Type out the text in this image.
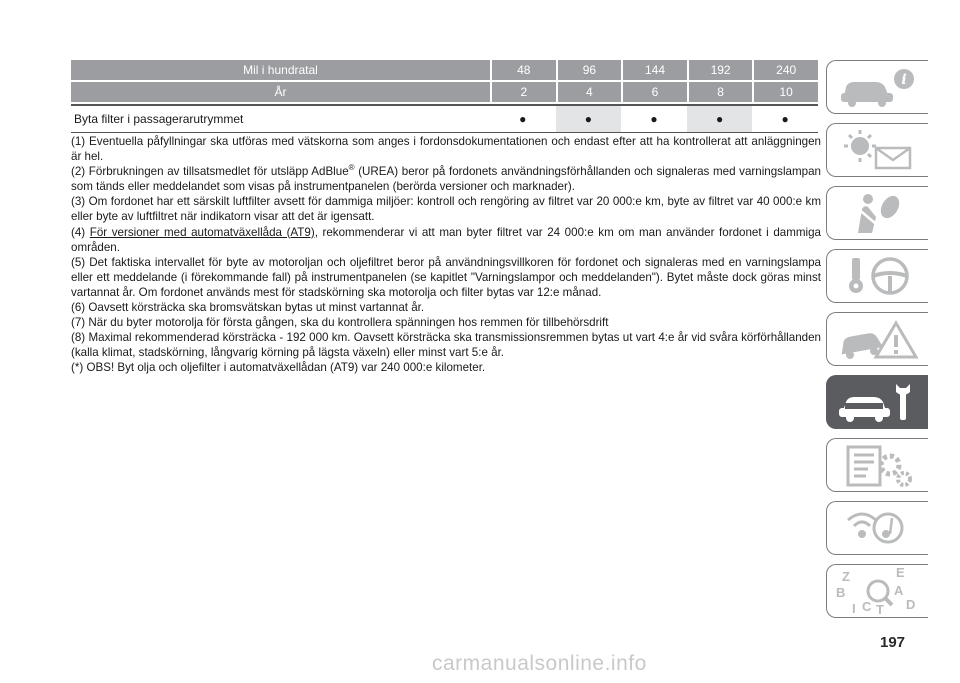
Mil i hundratal	48	96	144	192	240
År	2	4	6	8	10
Byta filter i passagerarutrymmet	●	●	●	●	●

(1) Eventuella påfyllningar ska utföras med vätskorna som anges i fordonsdokumentationen och endast efter att ha kontrollerat att anläggningen är hel.

(2) Förbrukningen av tillsatsmedlet för utsläpp AdBlue® (UREA) beror på fordonets användningsförhållanden och signaleras med varningslampan som tänds eller meddelandet som visas på instrumentpanelen (berörda versioner och marknader).

(3) Om fordonet har ett särskilt luftfilter avsett för dammiga miljöer: kontroll och rengöring av filtret var 20 000:e km, byte av filtret var 40 000:e km eller byte av luftfiltret när indikatorn visar att det är igensatt.

(4) För versioner med automatväxellåda (AT9), rekommenderar vi att man byter filtret var 24 000:e km om man använder fordonet i dammiga områden.

(5) Det faktiska intervallet för byte av motoroljan och oljefiltret beror på användningsvillkoren för fordonet och signaleras med en varningslampa eller ett meddelande (i förekommande fall) på instrumentpanelen (se kapitlet "Varningslampor och meddelanden"). Bytet måste dock göras minst vartannat år. Om fordonet används mest för stadskörning ska motorolja och filter bytas var 12:e månad.

(6) Oavsett körsträcka ska bromsvätskan bytas ut minst vartannat år.

(7) När du byter motorolja för första gången, ska du kontrollera spänningen hos remmen för tillbehörsdrift

(8) Maximal rekommenderad körsträcka - 192 000 km. Oavsett körsträcka ska transmissionsremmen bytas ut vart 4:e år vid svåra körförhållanden (kalla klimat, stadskörning, långvarig körning på lägsta växeln) eller minst vart 5:e år.

(*) OBS! Byt olja och oljefilter i automatväxellådan (AT9) var 240 000:e kilometer.

i
Z	E
B	A
I C T D
197
carmanualsonline.info
